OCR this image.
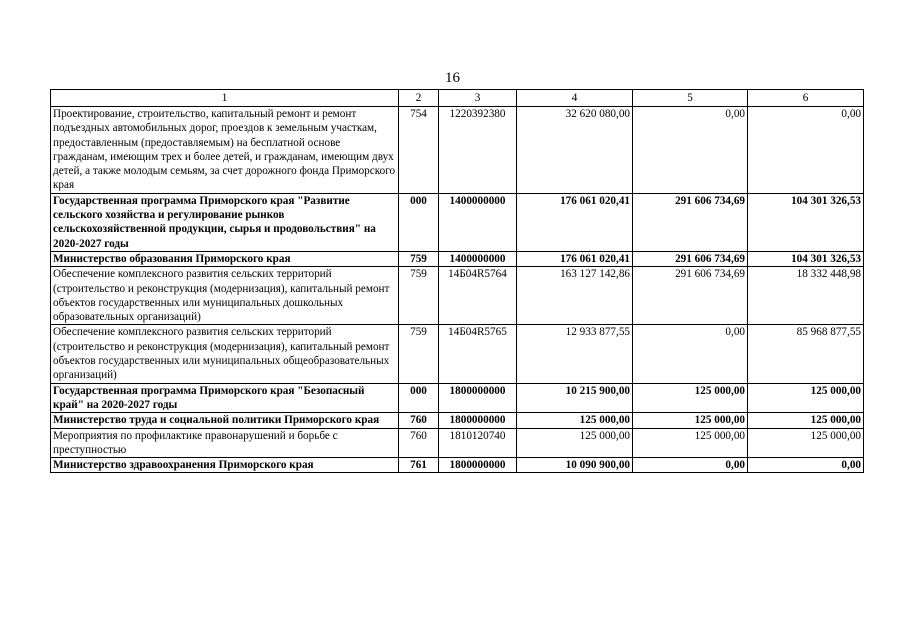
16
1	2	3	4	5	6
Проектирование, строительство, капитальный ремонт и ремонт подъездных автомобильных дорог, проездов к земельным участкам, предоставленным (предоставляемым) на бесплатной основе гражданам, имеющим трех и более детей, и гражданам, имеющим двух детей, а также молодым семьям, за счет дорожного фонда Приморского края	754	1220392380	32 620 080,00	0,00	0,00
Государственная программа Приморского края "Развитие сельского хозяйства и регулирование рынков сельскохозяйственной продукции, сырья и продовольствия" на 2020-2027 годы	000	1400000000	176 061 020,41	291 606 734,69	104 301 326,53
Министерство образования Приморского края	759	1400000000	176 061 020,41	291 606 734,69	104 301 326,53
Обеспечение комплексного развития сельских территорий (строительство и реконструкция (модернизация), капитальный ремонт объектов государственных или муниципальных дошкольных образовательных организаций)	759	14Б04R5764	163 127 142,86	291 606 734,69	18 332 448,98
Обеспечение комплексного развития сельских территорий (строительство и реконструкция (модернизация), капитальный ремонт объектов государственных или муниципальных общеобразовательных организаций)	759	14Б04R5765	12 933 877,55	0,00	85 968 877,55
Государственная программа Приморского края "Безопасный край" на 2020-2027 годы	000	1800000000	10 215 900,00	125 000,00	125 000,00
Министерство труда и социальной политики Приморского края	760	1800000000	125 000,00	125 000,00	125 000,00
Мероприятия по профилактике правонарушений и борьбе с преступностью	760	1810120740	125 000,00	125 000,00	125 000,00
Министерство здравоохранения Приморского края	761	1800000000	10 090 900,00	0,00	0,00
